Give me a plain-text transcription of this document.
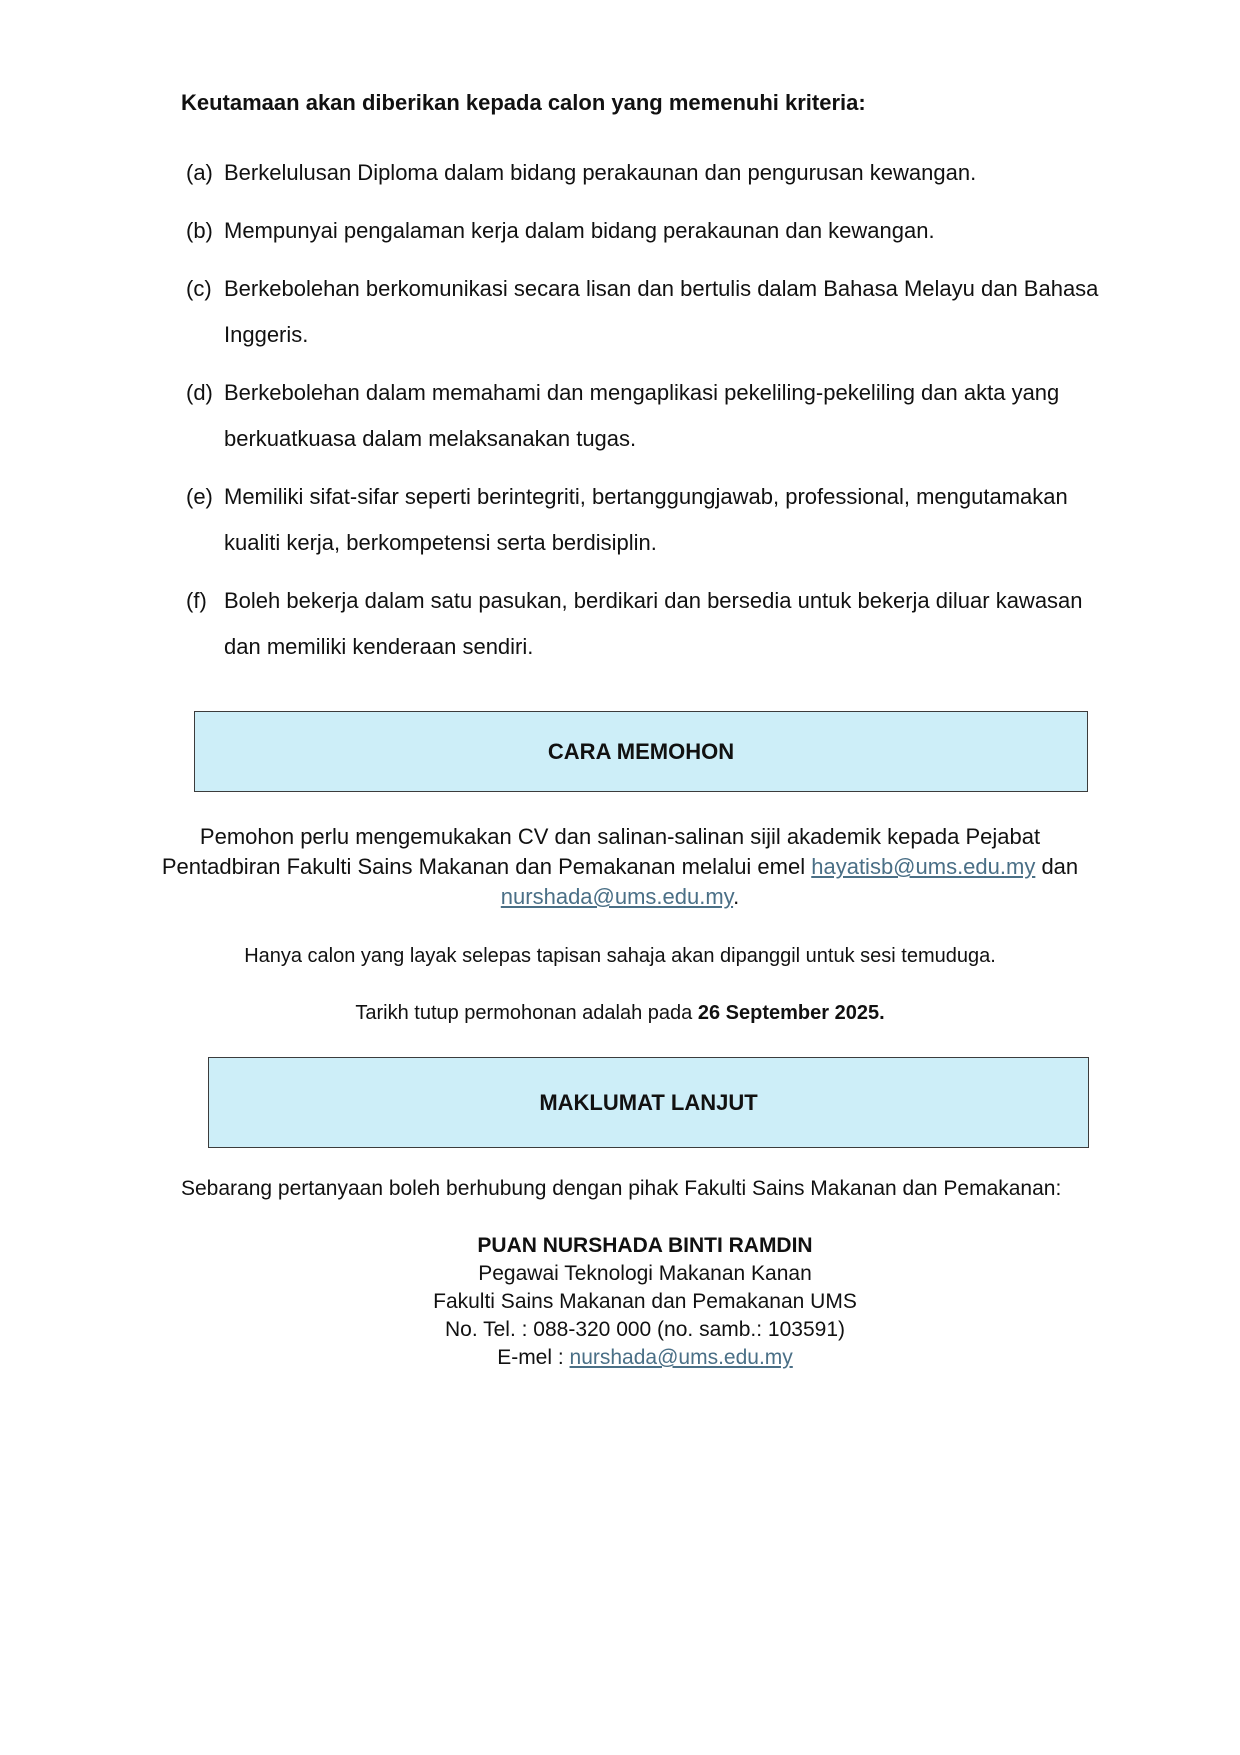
Keutamaan akan diberikan kepada calon yang memenuhi kriteria:
(a) Berkelulusan Diploma dalam bidang perakaunan dan pengurusan kewangan.
(b) Mempunyai pengalaman kerja dalam bidang perakaunan dan kewangan.
(c) Berkebolehan berkomunikasi secara lisan dan bertulis dalam Bahasa Melayu dan Bahasa Inggeris.
(d) Berkebolehan dalam memahami dan mengaplikasi pekeliling-pekeliling dan akta yang berkuatkuasa dalam melaksanakan tugas.
(e) Memiliki sifat-sifar seperti berintegriti, bertanggungjawab, professional, mengutamakan kualiti kerja, berkompetensi serta berdisiplin.
(f) Boleh bekerja dalam satu pasukan, berdikari dan bersedia untuk bekerja diluar kawasan dan memiliki kenderaan sendiri.
CARA MEMOHON
Pemohon perlu mengemukakan CV dan salinan-salinan sijil akademik kepada Pejabat Pentadbiran Fakulti Sains Makanan dan Pemakanan melalui emel hayatisb@ums.edu.my dan nurshada@ums.edu.my.
Hanya calon yang layak selepas tapisan sahaja akan dipanggil untuk sesi temuduga.
Tarikh tutup permohonan adalah pada 26 September 2025.
MAKLUMAT LANJUT
Sebarang pertanyaan boleh berhubung dengan pihak Fakulti Sains Makanan dan Pemakanan:
PUAN NURSHADA BINTI RAMDIN
Pegawai Teknologi Makanan Kanan
Fakulti Sains Makanan dan Pemakanan UMS
No. Tel. : 088-320 000 (no. samb.: 103591)
E-mel : nurshada@ums.edu.my
